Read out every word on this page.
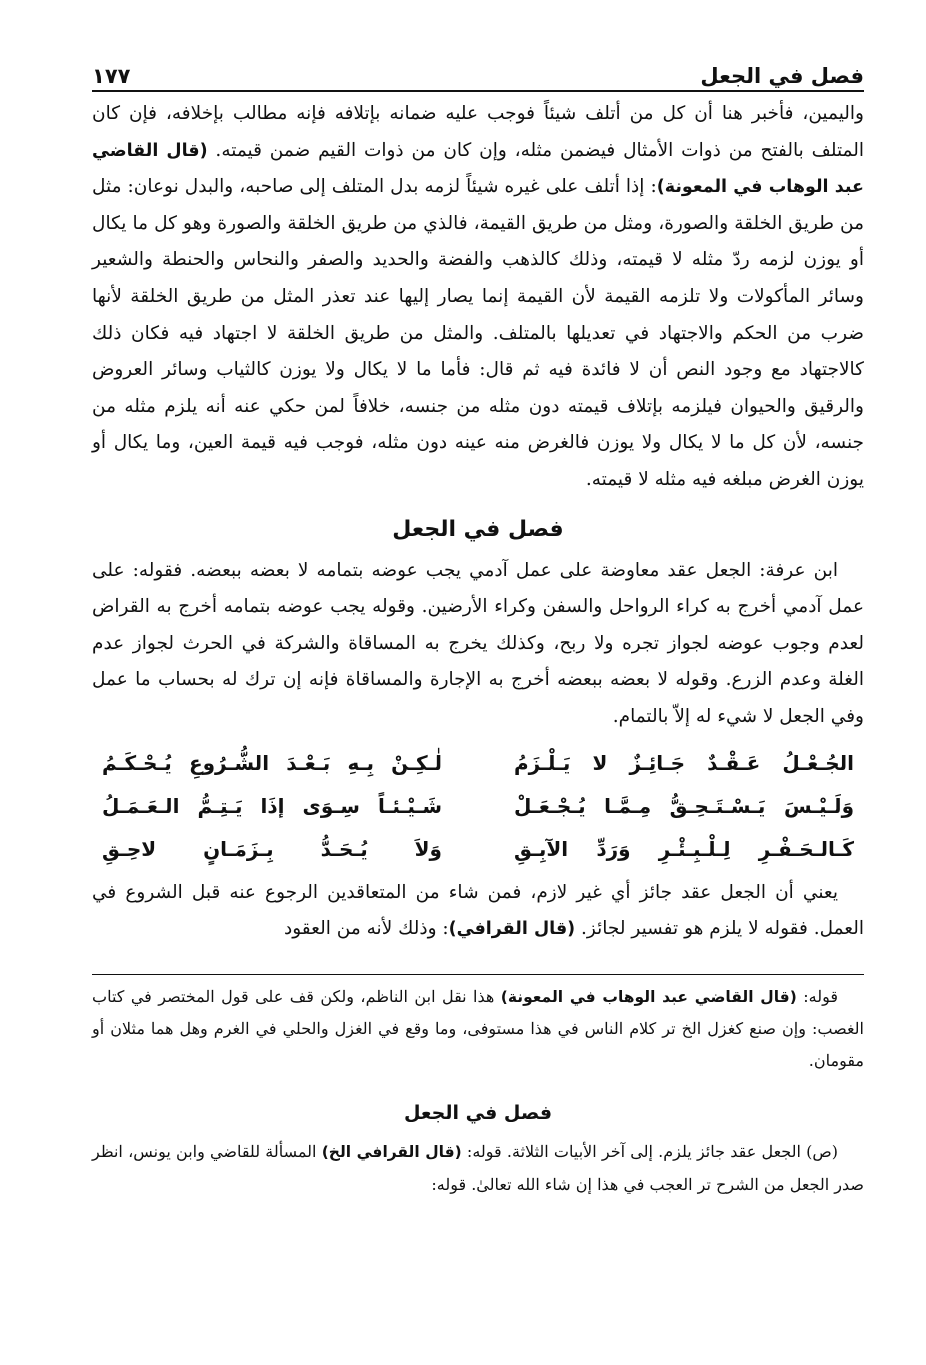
فصل في الجعل
١٧٧

واليمين، فأخبر هنا أن كل من أتلف شيئاً فوجب عليه ضمانه بإتلافه فإنه مطالب بإخلافه، فإن كان المتلف بالفتح من ذوات الأمثال فيضمن مثله، وإن كان من ذوات القيم ضمن قيمته. (قال القاضي عبد الوهاب في المعونة): إذا أتلف على غيره شيئاً لزمه بدل المتلف إلى صاحبه، والبدل نوعان: مثل من طريق الخلقة والصورة، ومثل من طريق القيمة، فالذي من طريق الخلقة والصورة وهو كل ما يكال أو يوزن لزمه ردّ مثله لا قيمته، وذلك كالذهب والفضة والحديد والصفر والنحاس والحنطة والشعير وسائر المأكولات ولا تلزمه القيمة لأن القيمة إنما يصار إليها عند تعذر المثل من طريق الخلقة لأنها ضرب من الحكم والاجتهاد في تعديلها بالمتلف. والمثل من طريق الخلقة لا اجتهاد فيه فكان ذلك كالاجتهاد مع وجود النص أن لا فائدة فيه ثم قال: فأما ما لا يكال ولا يوزن كالثياب وسائر العروض والرقيق والحيوان فيلزمه بإتلاف قيمته دون مثله من جنسه، خلافاً لمن حكي عنه أنه يلزم مثله من جنسه، لأن كل ما لا يكال ولا يوزن فالغرض منه عينه دون مثله، فوجب فيه قيمة العين، وما يكال أو يوزن الغرض مبلغه فيه مثله لا قيمته.

فصل في الجعل

ابن عرفة: الجعل عقد معاوضة على عمل آدمي يجب عوضه بتمامه لا بعضه ببعضه. فقوله: على عمل آدمي أخرج به كراء الرواحل والسفن وكراء الأرضين. وقوله يجب عوضه بتمامه أخرج به القراض لعدم وجوب عوضه لجواز تجره ولا ربح، وكذلك يخرج به المساقاة والشركة في الحرث لجواز عدم الغلة وعدم الزرع. وقوله لا بعضه ببعضه أخرج به الإجارة والمساقاة فإنه إن ترك له بحساب ما عمل وفي الجعل لا شيء له إلاّ بالتمام.

الجُـعْـلُ عَـقْـدٌ جَـائِـزٌ لا يَـلْـزَمُ
لٰـكِـنْ بِـهِ بَـعْـدَ الشُّـرُوعِ يُـحْـكَـمُ
وَلَـيْـسَ يَـسْـتَـحِـقُّ مِـمَّـا يُـجْـعَـلْ
شَـيْـئـاً سِـوَى إذَا يَـتِـمُّ الـعَـمَـلُ
كَـالـحَـفْـرِ لِـلْـبِـئْـرِ وَرَدِّ الآبِـقِ
وَلاَ يُـحَـدُّ بِـزَمَـانٍ لاحِـقِ

يعني أن الجعل عقد جائز أي غير لازم، فمن شاء من المتعاقدين الرجوع عنه قبل الشروع في العمل. فقوله لا يلزم هو تفسير لجائز. (قال القرافي): وذلك لأنه من العقود

قوله: (قال القاضي عبد الوهاب في المعونة) هذا نقل ابن الناظم، ولكن قف على قول المختصر في كتاب الغصب: وإن صنع كغزل الخ تر كلام الناس في هذا مستوفى، وما وقع في الغزل والحلي في الغرم وهل هما مثلان أو مقومان.

فصل في الجعل

(ص) الجعل عقد جائز يلزم. إلى آخر الأبيات الثلاثة. قوله: (قال القرافي الخ) المسألة للقاضي وابن يونس، انظر صدر الجعل من الشرح تر العجب في هذا إن شاء الله تعالىٰ. قوله:
